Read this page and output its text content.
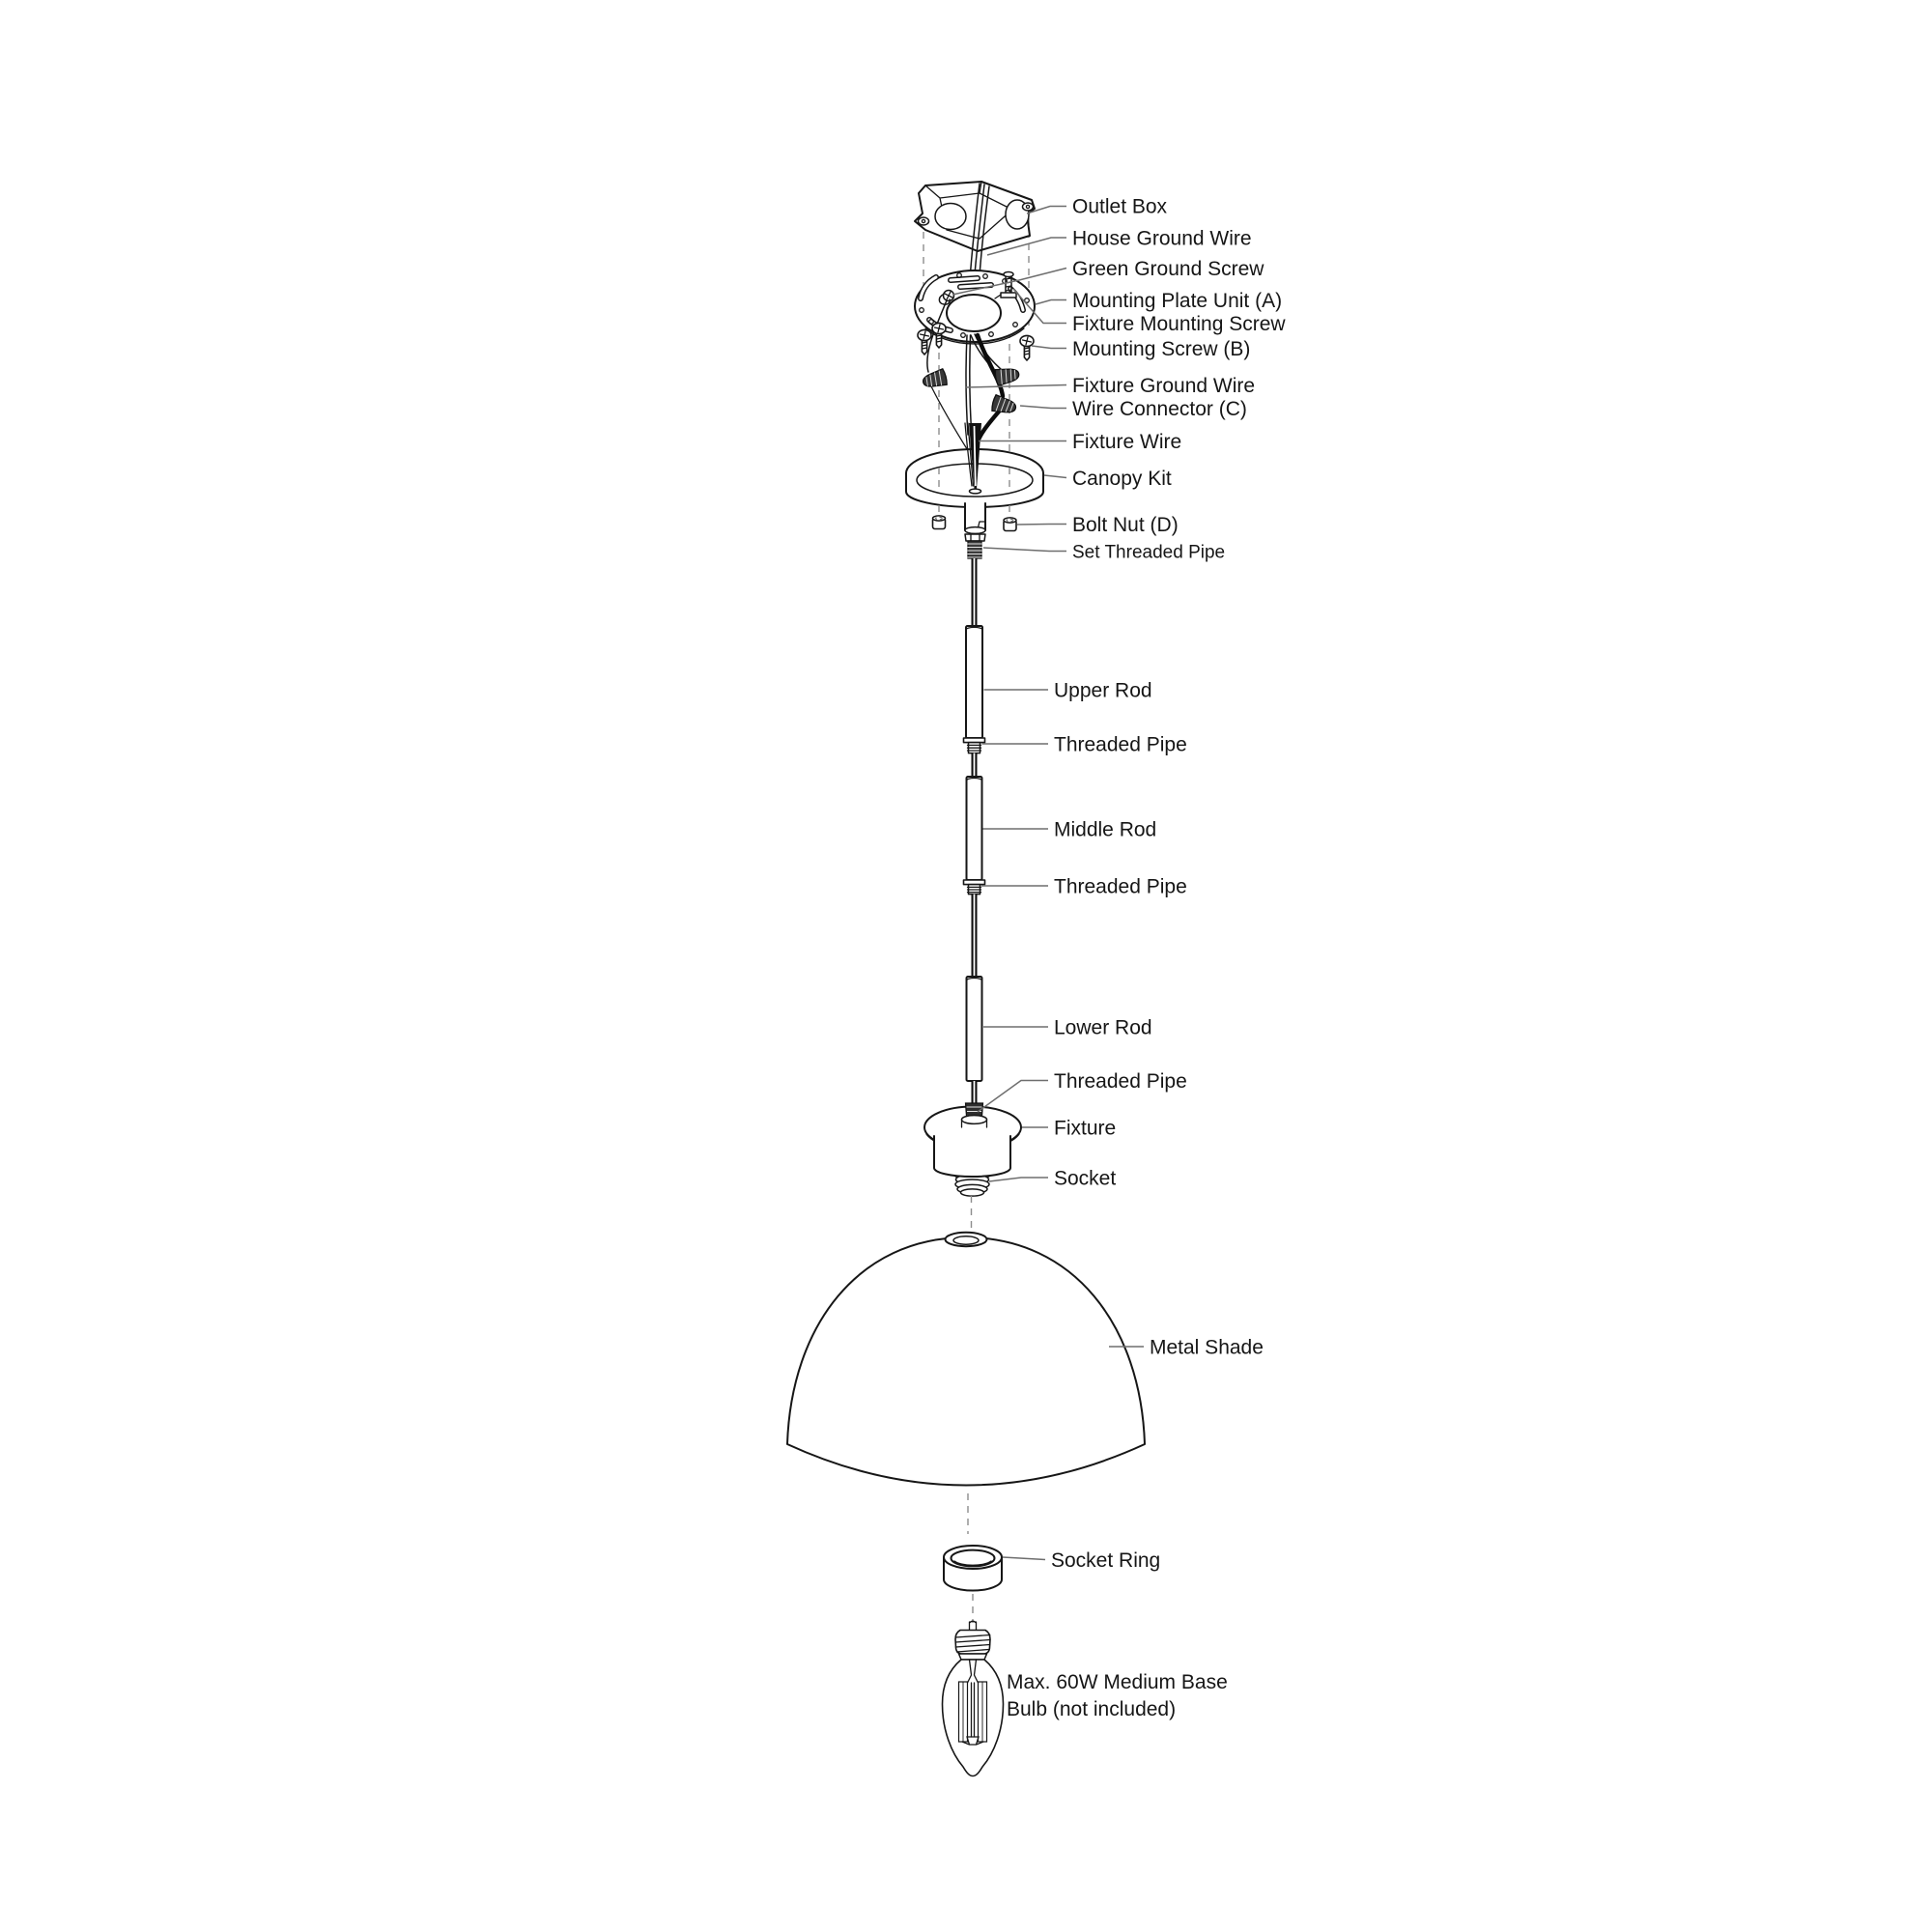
Outlet Box
House Ground Wire
Green Ground Screw
Mounting Plate Unit (A)
Fixture Mounting Screw
Mounting Screw (B)
Fixture Ground Wire
Wire Connector (C)
Fixture Wire
Canopy Kit
Bolt Nut (D)
Set Threaded Pipe
Upper Rod
Threaded Pipe
Middle Rod
Threaded Pipe
Lower Rod
Threaded Pipe
Fixture
Socket
Metal Shade
Socket Ring
Max. 60W Medium Base
Bulb (not included)
